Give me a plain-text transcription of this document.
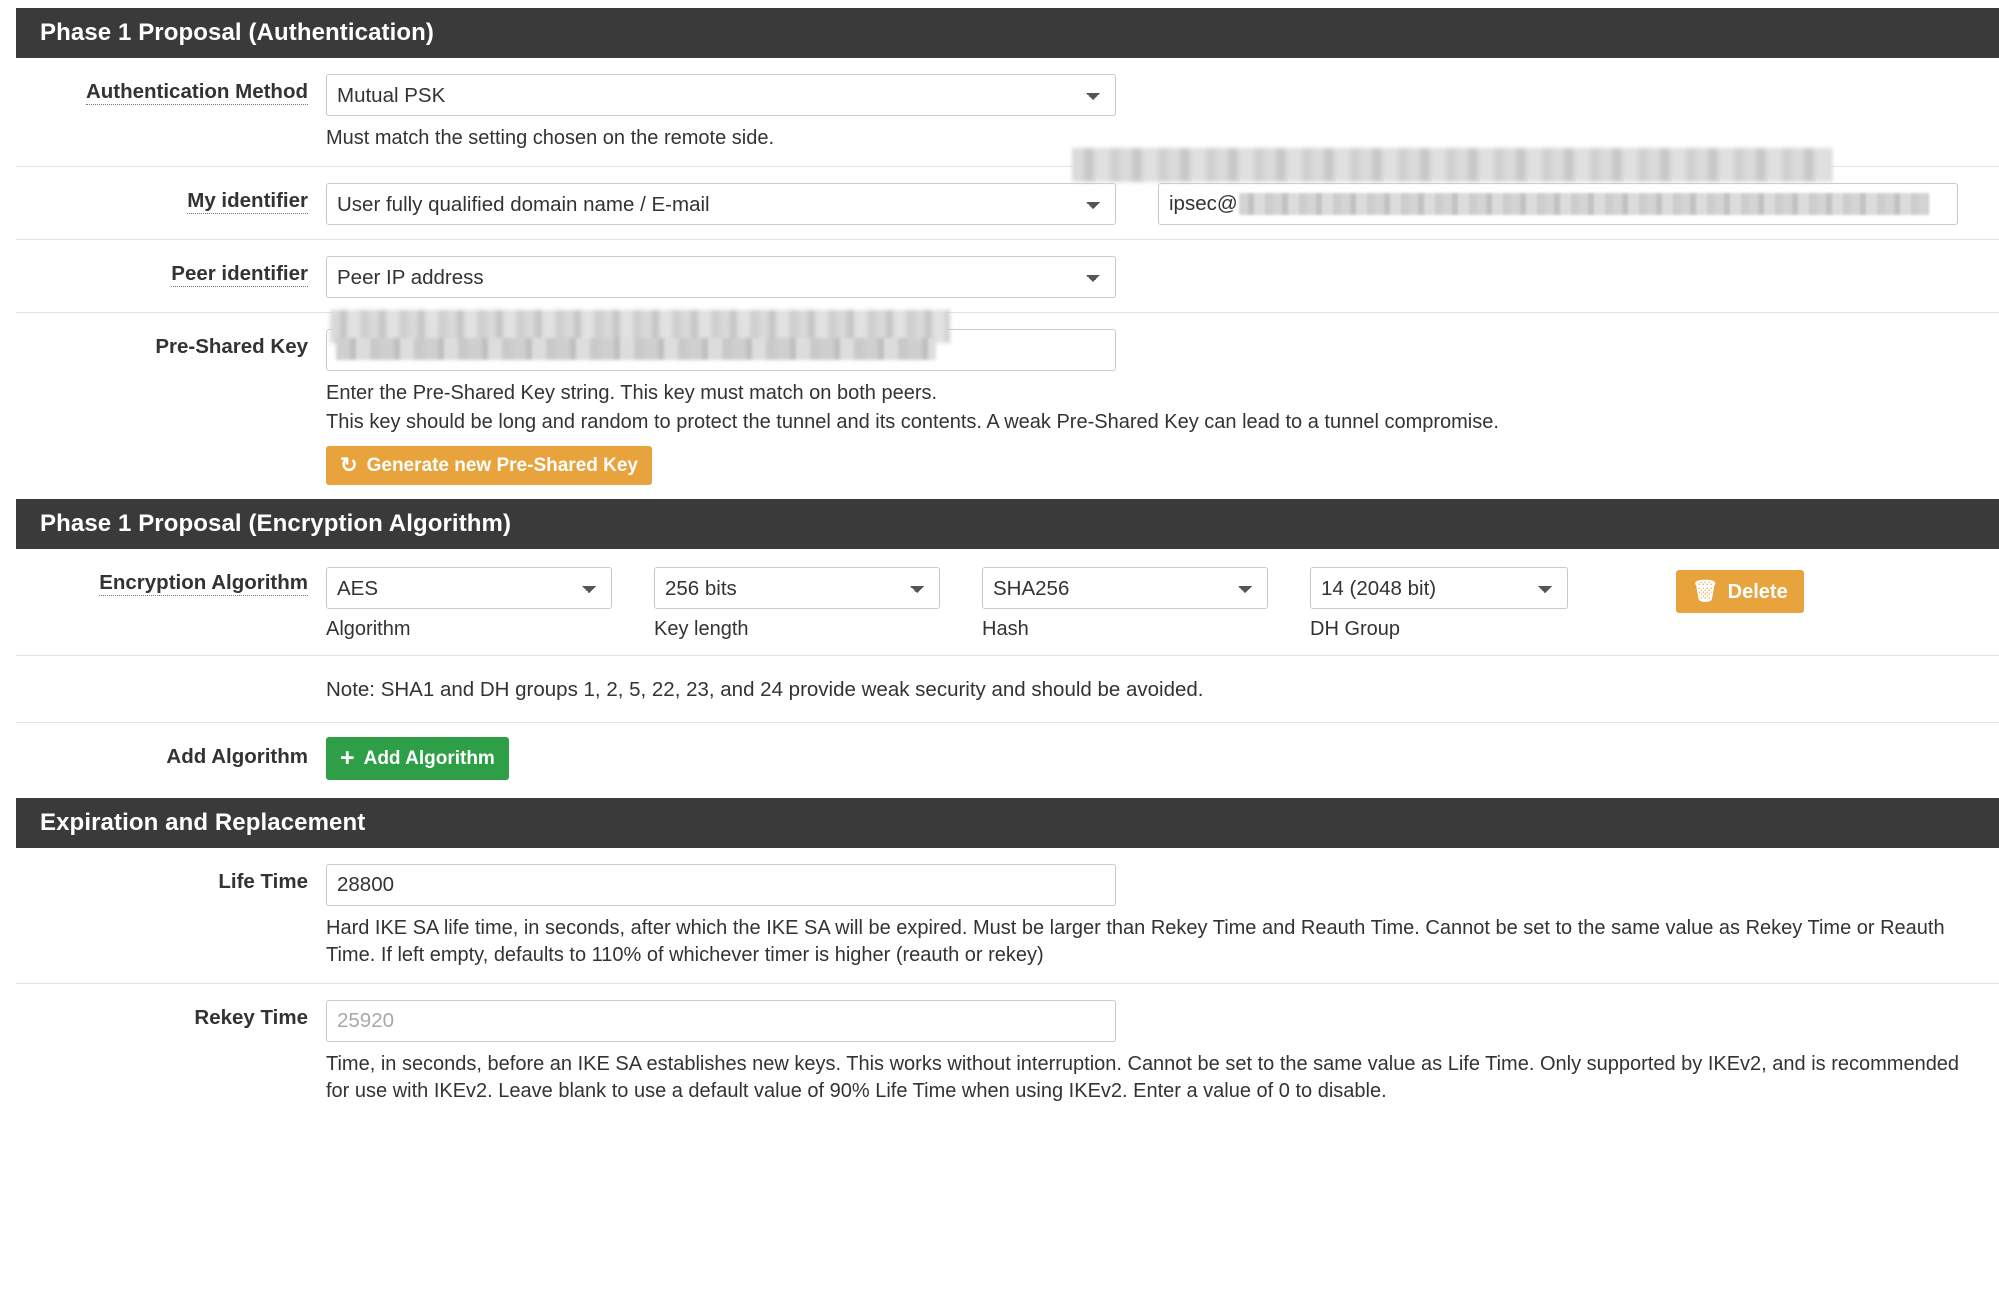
Phase 1 Proposal (Authentication)
Authentication Method
Mutual PSK
Must match the setting chosen on the remote side.
My identifier
User fully qualified domain name / E-mail	ipsec@
Peer identifier
Peer IP address
Pre-Shared Key
Enter the Pre-Shared Key string. This key must match on both peers.
This key should be long and random to protect the tunnel and its contents. A weak Pre-Shared Key can lead to a tunnel compromise.
↻ Generate new Pre-Shared Key
Phase 1 Proposal (Encryption Algorithm)
Encryption Algorithm
AES
Algorithm
256 bits	Key length
SHA256	Hash
14 (2048 bit)	DH Group
🗑 Delete
Note: SHA1 and DH groups 1, 2, 5, 22, 23, and 24 provide weak security and should be avoided.
Add Algorithm	+ Add Algorithm
Expiration and Replacement
Life Time
28800
Hard IKE SA life time, in seconds, after which the IKE SA will be expired. Must be larger than Rekey Time and Reauth Time. Cannot be set to the same value as Rekey Time or Reauth Time. If left empty, defaults to 110% of whichever timer is higher (reauth or rekey)
Rekey Time
25920
Time, in seconds, before an IKE SA establishes new keys. This works without interruption. Cannot be set to the same value as Life Time. Only supported by IKEv2, and is recommended for use with IKEv2. Leave blank to use a default value of 90% Life Time when using IKEv2. Enter a value of 0 to disable.
